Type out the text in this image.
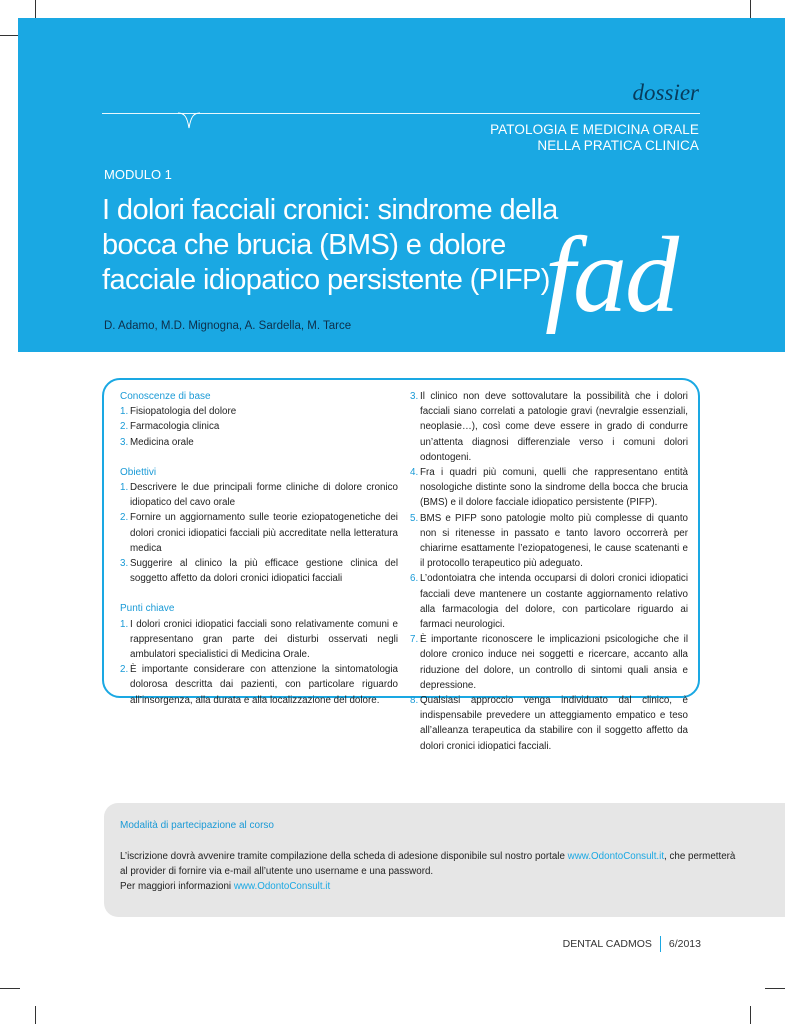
dossier
PATOLOGIA E MEDICINA ORALE
NELLA PRATICA CLINICA
MODULO 1
I dolori facciali cronici: sindrome della
bocca che brucia (BMS) e dolore
facciale idiopatico persistente (PIFP)
fad
D. Adamo, M.D. Mignogna, A. Sardella, M. Tarce
Conoscenze di base
1. Fisiopatologia del dolore
2. Farmacologia clinica
3. Medicina orale
Obiettivi
1. Descrivere le due principali forme cliniche di dolore cronico idiopatico del cavo orale
2. Fornire un aggiornamento sulle teorie eziopatogenetiche dei dolori cronici idiopatici facciali più accreditate nella letteratura medica
3. Suggerire al clinico la più efficace gestione clinica del soggetto affetto da dolori cronici idiopatici facciali
Punti chiave
1. I dolori cronici idiopatici facciali sono relativamente comuni e rappresentano gran parte dei disturbi osservati negli ambulatori specialistici di Medicina Orale.
2. È importante considerare con attenzione la sintomatologia dolorosa descritta dai pazienti, con particolare riguardo all’insorgenza, alla durata e alla localizzazione del dolore.
3. Il clinico non deve sottovalutare la possibilità che i dolori facciali siano correlati a patologie gravi (nevralgie essenziali, neoplasie…), così come deve essere in grado di condurre un’attenta diagnosi differenziale verso i comuni dolori odontogeni.
4. Fra i quadri più comuni, quelli che rappresentano entità nosologiche distinte sono la sindrome della bocca che brucia (BMS) e il dolore facciale idiopatico persistente (PIFP).
5. BMS e PIFP sono patologie molto più complesse di quanto non si ritenesse in passato e tanto lavoro occorrerà per chiarirne esattamente l’eziopatogenesi, le cause scatenanti e il protocollo terapeutico più adeguato.
6. L’odontoiatra che intenda occuparsi di dolori cronici idiopatici facciali deve mantenere un costante aggiornamento relativo alla farmacologia del dolore, con particolare riguardo ai farmaci neurologici.
7. È importante riconoscere le implicazioni psicologiche che il dolore cronico induce nei soggetti e ricercare, accanto alla riduzione del dolore, un controllo di sintomi quali ansia e depressione.
8. Qualsiasi approccio venga individuato dal clinico, è indispensabile prevedere un atteggiamento empatico e teso all’alleanza terapeutica da stabilire con il soggetto affetto da dolori cronici idiopatici facciali.
Modalità di partecipazione al corso
L’iscrizione dovrà avvenire tramite compilazione della scheda di adesione disponibile sul nostro portale www.OdontoConsult.it, che permetterà
al provider di fornire via e-mail all’utente uno username e una password.
Per maggiori informazioni www.OdontoConsult.it
DENTAL CADMOS 6/2013
